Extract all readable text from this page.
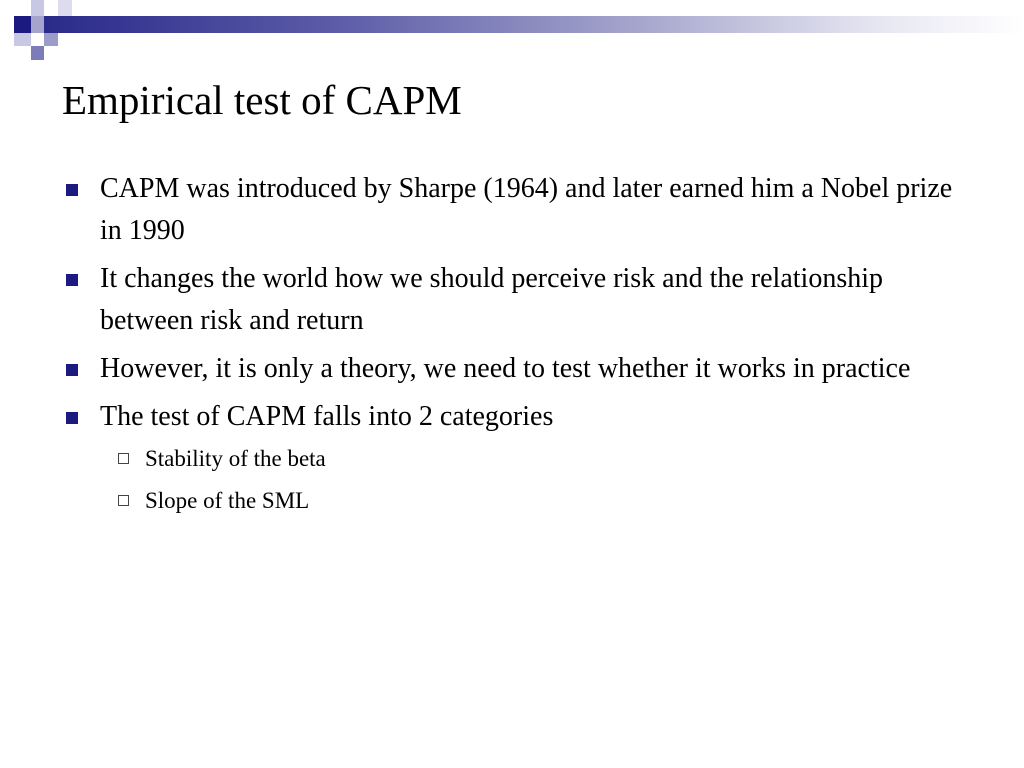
Empirical test of CAPM
CAPM was introduced by Sharpe (1964) and later earned him a Nobel prize in 1990
It changes the world how we should perceive risk and the relationship between risk and return
However, it is only a theory, we need to test whether it works in practice
The test of CAPM falls into 2 categories
Stability of the beta
Slope of the SML
